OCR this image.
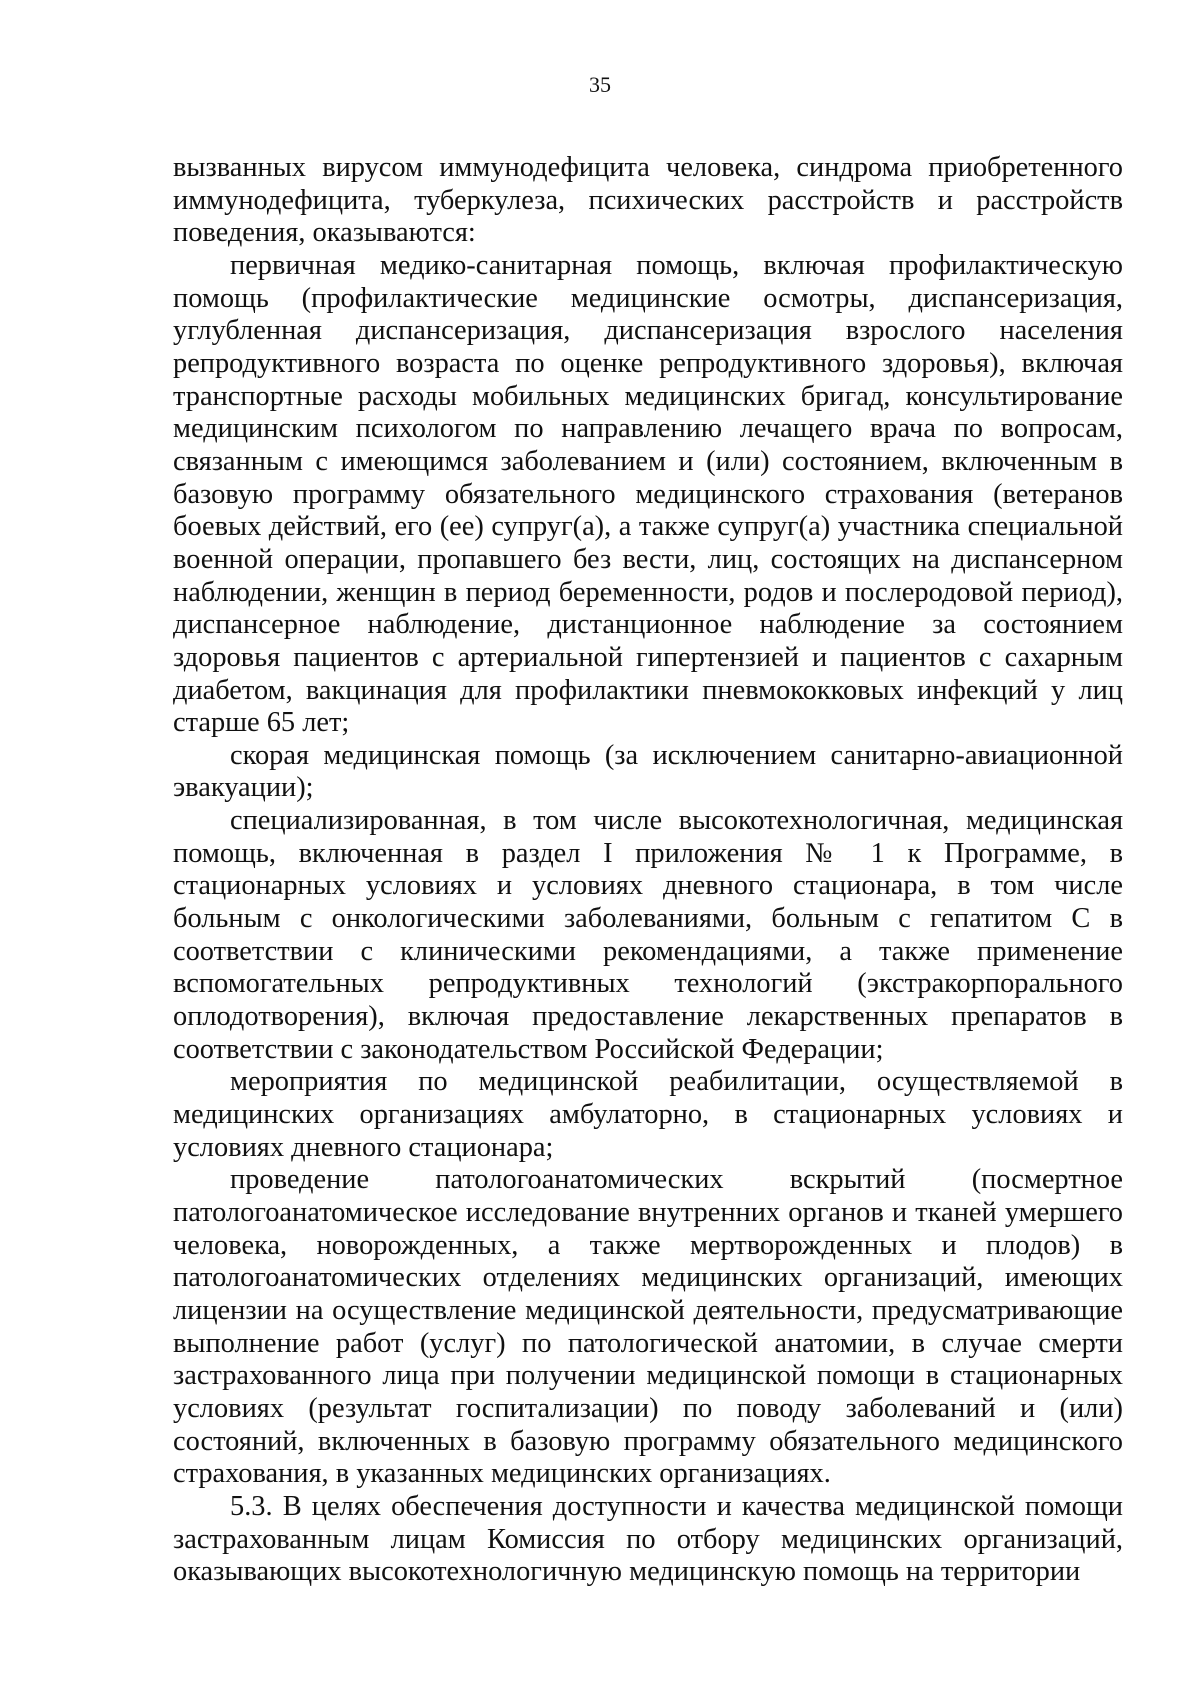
35

вызванных вирусом иммунодефицита человека, синдрома приобретенного иммунодефицита, туберкулеза, психических расстройств и расстройств поведения, оказываются:

первичная медико-санитарная помощь, включая профилактическую помощь (профилактические медицинские осмотры, диспансеризация, углубленная диспансеризация, диспансеризация взрослого населения репродуктивного возраста по оценке репродуктивного здоровья), включая транспортные расходы мобильных медицинских бригад, консультирование медицинским психологом по направлению лечащего врача по вопросам, связанным с имеющимся заболеванием и (или) состоянием, включенным в базовую программу обязательного медицинского страхования (ветеранов боевых действий, его (ее) супруг(а), а также супруг(а) участника специальной военной операции, пропавшего без вести, лиц, состоящих на диспансерном наблюдении, женщин в период беременности, родов и послеродовой период), диспансерное наблюдение, дистанционное наблюдение за состоянием здоровья пациентов с артериальной гипертензией и пациентов с сахарным диабетом, вакцинация для профилактики пневмококковых инфекций у лиц старше 65 лет;

скорая медицинская помощь (за исключением санитарно-авиационной эвакуации);

специализированная, в том числе высокотехнологичная, медицинская помощь, включенная в раздел I приложения № 1 к Программе, в стационарных условиях и условиях дневного стационара, в том числе больным с онкологическими заболеваниями, больным с гепатитом C в соответствии с клиническими рекомендациями, а также применение вспомогательных репродуктивных технологий (экстракорпорального оплодотворения), включая предоставление лекарственных препаратов в соответствии с законодательством Российской Федерации;

мероприятия по медицинской реабилитации, осуществляемой в медицинских организациях амбулаторно, в стационарных условиях и условиях дневного стационара;

проведение патологоанатомических вскрытий (посмертное патологоанатомическое исследование внутренних органов и тканей умершего человека, новорожденных, а также мертворожденных и плодов) в патологоанатомических отделениях медицинских организаций, имеющих лицензии на осуществление медицинской деятельности, предусматривающие выполнение работ (услуг) по патологической анатомии, в случае смерти застрахованного лица при получении медицинской помощи в стационарных условиях (результат госпитализации) по поводу заболеваний и (или) состояний, включенных в базовую программу обязательного медицинского страхования, в указанных медицинских организациях.

5.3. В целях обеспечения доступности и качества медицинской помощи застрахованным лицам Комиссия по отбору медицинских организаций, оказывающих высокотехнологичную медицинскую помощь на территории
